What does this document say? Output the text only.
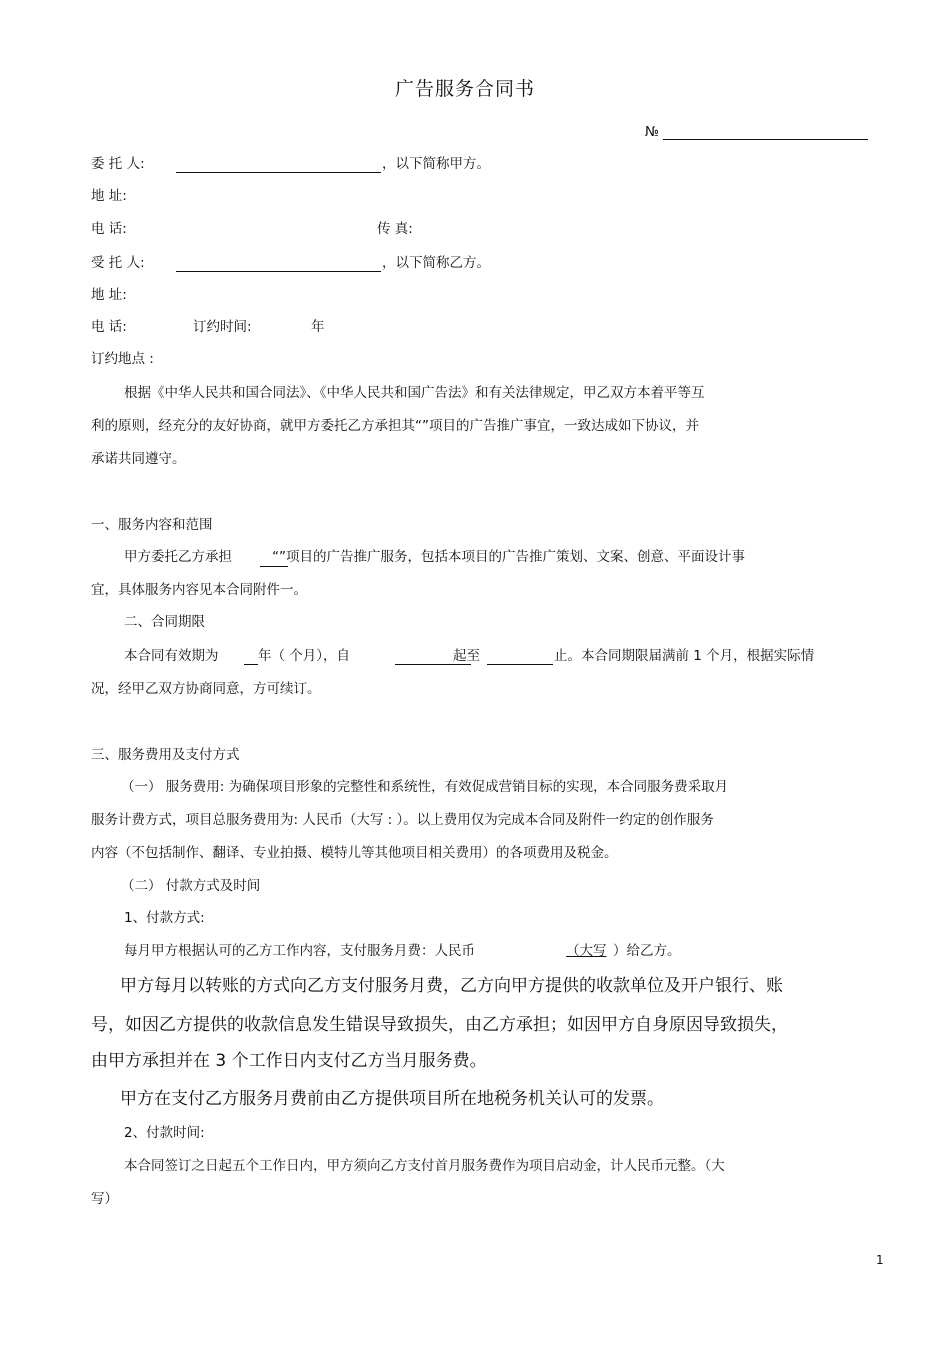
广告服务合同书
№
委 托 人:	，以下简称甲方。
地 址:
电 话:	传 真:
受 托 人:	，以下简称乙方。
地 址:
电 话:	订约时间:	年
订约地点 :
根据《中华人民共和国合同法》、《中华人民共和国广告法》和有关法律规定，甲乙双方本着平等互
利的原则，经充分的友好协商，就甲方委托乙方承担其“”项目的广告推广事宜，一致达成如下协议，并
承诺共同遵守。
一、服务内容和范围
甲方委托乙方承担	“”项目的广告推广服务，包括本项目的广告推广策划、文案、创意、平面设计事
宜，具体服务内容见本合同附件一。
二、合同期限
本合同有效期为	年（ 个月），自	起至	止。本合同期限届满前 1 个月，根据实际情
况，经甲乙双方协商同意，方可续订。
三、服务费用及支付方式
（一） 服务费用: 为确保项目形象的完整性和系统性，有效促成营销目标的实现，本合同服务费采取月
服务计费方式，项目总服务费用为: 人民币（大写 : ）。以上费用仅为完成本合同及附件一约定的创作服务
内容（不包括制作、翻译、专业拍摄、模特儿等其他项目相关费用）的各项费用及税金。
（二） 付款方式及时间
1、付款方式:
每月甲方根据认可的乙方工作内容，支付服务月费：人民币	（大写 ）给乙方。
甲方每月以转账的方式向乙方支付服务月费，乙方向甲方提供的收款单位及开户银行、账
号，如因乙方提供的收款信息发生错误导致损失，由乙方承担；如因甲方自身原因导致损失，
由甲方承担并在 3 个工作日内支付乙方当月服务费。
甲方在支付乙方服务月费前由乙方提供项目所在地税务机关认可的发票。
2、付款时间:
本合同签订之日起五个工作日内，甲方须向乙方支付首月服务费作为项目启动金，计人民币元整。（大
写）
1
